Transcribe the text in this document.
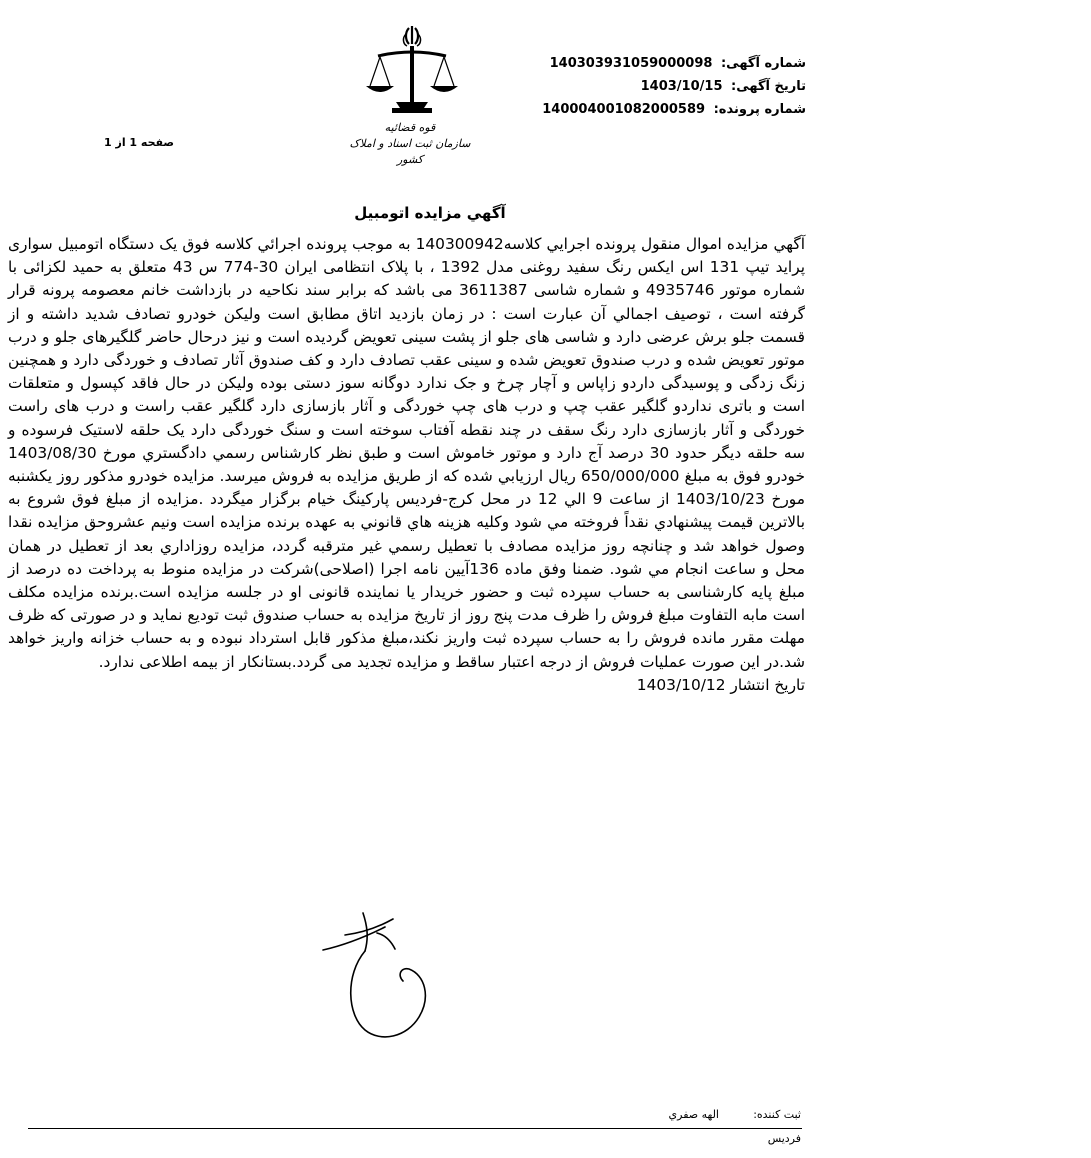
شماره آگهی: 140303931059000098
تاریخ آگهی: 1403/10/15
شماره پرونده: 140004001082000589
قوه قضائیه
سازمان ثبت اسناد و املاک کشور
صفحه 1 از 1
آگهي مزايده اتومبيل

آگهي مزايده اموال منقول پرونده اجرايي كلاسه140300942 به موجب پرونده اجرائي كلاسه فوق يک دستگاه اتومبيل سواری پراید تیپ 131 اس ایکس رنگ سفید روغنی مدل 1392 ، با پلاک انتظامی ایران 30-774 س 43 متعلق به حمید لکزائی با شماره موتور 4935746 و شماره شاسی 3611387 می باشد که برابر سند نکاحیه در بازداشت خانم معصومه پرونه قرار گرفته است ، توصیف اجمالي آن عبارت است : در زمان بازدید اتاق مطابق است ولیکن خودرو تصادف شدید داشته و از قسمت جلو برش عرضی دارد و شاسی های جلو از پشت سینی تعویض گردیده است و نیز درحال حاضر گلگیرهای جلو و درب موتور تعویض شده و درب صندوق تعویض شده و سینی عقب تصادف دارد و کف صندوق آثار تصادف و خوردگی دارد و همچنین زنگ زدگی و پوسیدگی داردو زاپاس و آچار چرخ و جک ندارد دوگانه سوز دستی بوده ولیکن در حال فاقد کپسول و متعلقات است و باتری نداردو گلگیر عقب چپ و درب های چپ خوردگی و آثار بازسازی دارد گلگیر عقب راست و درب های راست خوردگی و آثار بازسازی دارد رنگ سقف در چند نقطه آفتاب سوخته است و سنگ خوردگی دارد یک حلقه لاستیک فرسوده و سه حلقه دیگر حدود 30 درصد آج دارد و موتور خاموش است و طبق نظر كارشناس رسمي دادگستري مورخ 1403/08/30 خودرو فوق به مبلغ 650/000/000 ريال ارزيابي شده كه از طريق مزايده به فروش ميرسد. مزایده خودرو مذکور روز یکشنبه مورخ 1403/10/23 از ساعت 9 الي 12 در محل کرج-فردیس پارکینگ خیام برگزار ميگردد .مزايده از مبلغ فوق شروع به بالاترين قيمت پيشنهادي نقداً فروخته مي شود وكليه هزينه هاي قانوني به عهده برنده مزايده است ونيم عشروحق مزايده نقدا وصول خواهد شد و چنانچه روز مزايده مصادف با تعطيل رسمي غير مترقبه گردد، مزايده روزاداري بعد از تعطيل در همان محل و ساعت انجام مي شود. ضمنا وفق ماده 136آيين نامه اجرا (اصلاحی)شرکت در مزایده منوط به پرداخت ده درصد از مبلغ پایه کارشناسی به حساب سپرده ثبت و حضور خریدار یا نماینده قانونی او در جلسه مزایده است.برنده مزایده مکلف است مابه التفاوت مبلغ فروش را ظرف مدت پنج روز از تاریخ مزایده به حساب صندوق ثبت تودیع نماید و در صورتی که ظرف مهلت مقرر مانده فروش را به حساب سپرده ثبت واریز نکند،مبلغ مذکور قابل استرداد نبوده و به حساب خزانه واریز خواهد شد.در این صورت عملیات فروش از درجه اعتبار ساقط و مزایده تجدید می گردد.بستانکار از بیمه اطلاعی ندارد.

تاريخ انتشار 1403/10/12

ثبت كننده:
الهه صفري
فرديس
